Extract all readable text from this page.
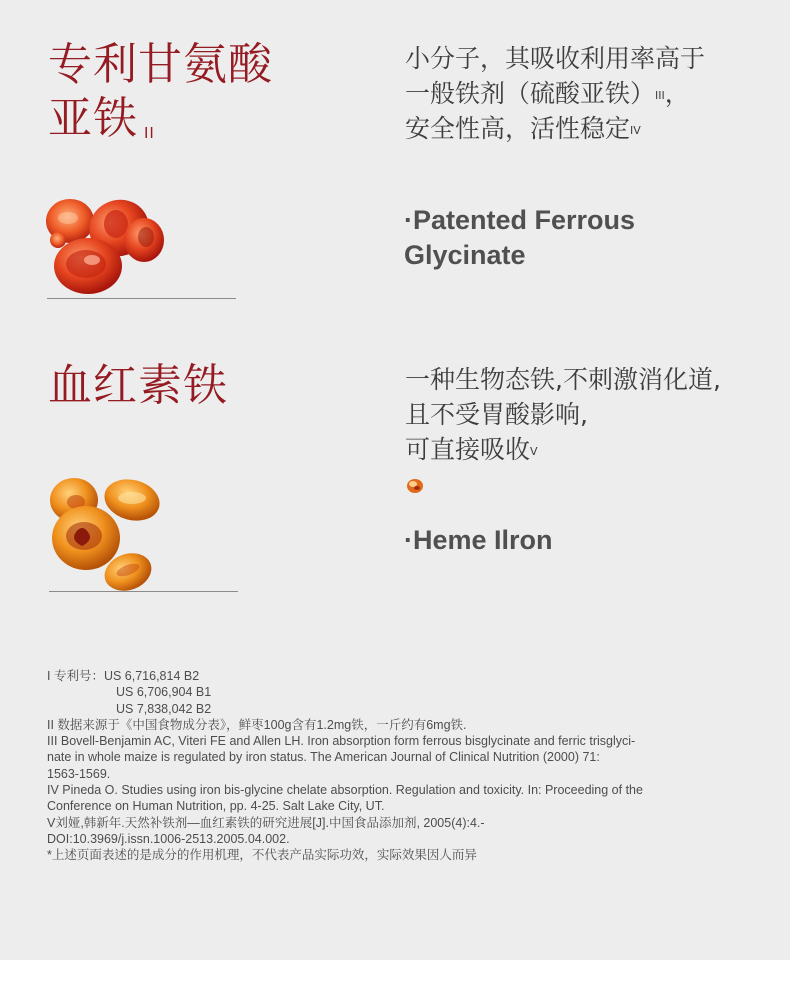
专利甘氨酸
亚铁 $^{II}$
小分子，其吸收利用率高于
一般铁剂（硫酸亚铁）$^{III}$，
安全性高，活性稳定$^{IV}$
·Patented Ferrous
Glycinate
血红素铁	一种生物态铁,不刺激消化道,
且不受胃酸影响,
可直接吸收$^V$
·Heme Ilron
I 专利号：US 6,716,814 B2
US 6,706,904 B1
US 7,838,042 B2
II 数据来源于《中国食物成分表》，鲜枣100g含有1.2mg铁，一斤约有6mg铁.
III Bovell-Benjamin AC, Viteri FE and Allen LH. Iron absorption form ferrous bisglycinate and ferric trisglyci-
nate in whole maize is regulated by iron status. The American Journal of Clinical Nutrition (2000) 71:
1563-1569.
IV Pineda O. Studies using iron bis-glycine chelate absorption. Regulation and toxicity. In: Proceeding of the
Conference on Human Nutrition, pp. 4-25. Salt Lake City, UT.
V刘娅,韩新年.天然补铁剂—血红素铁的研究进展[J].中国食品添加剂, 2005(4):4.-
DOI:10.3969/j.issn.1006-2513.2005.04.002.
*上述页面表述的是成分的作用机理，不代表产品实际功效，实际效果因人而异
